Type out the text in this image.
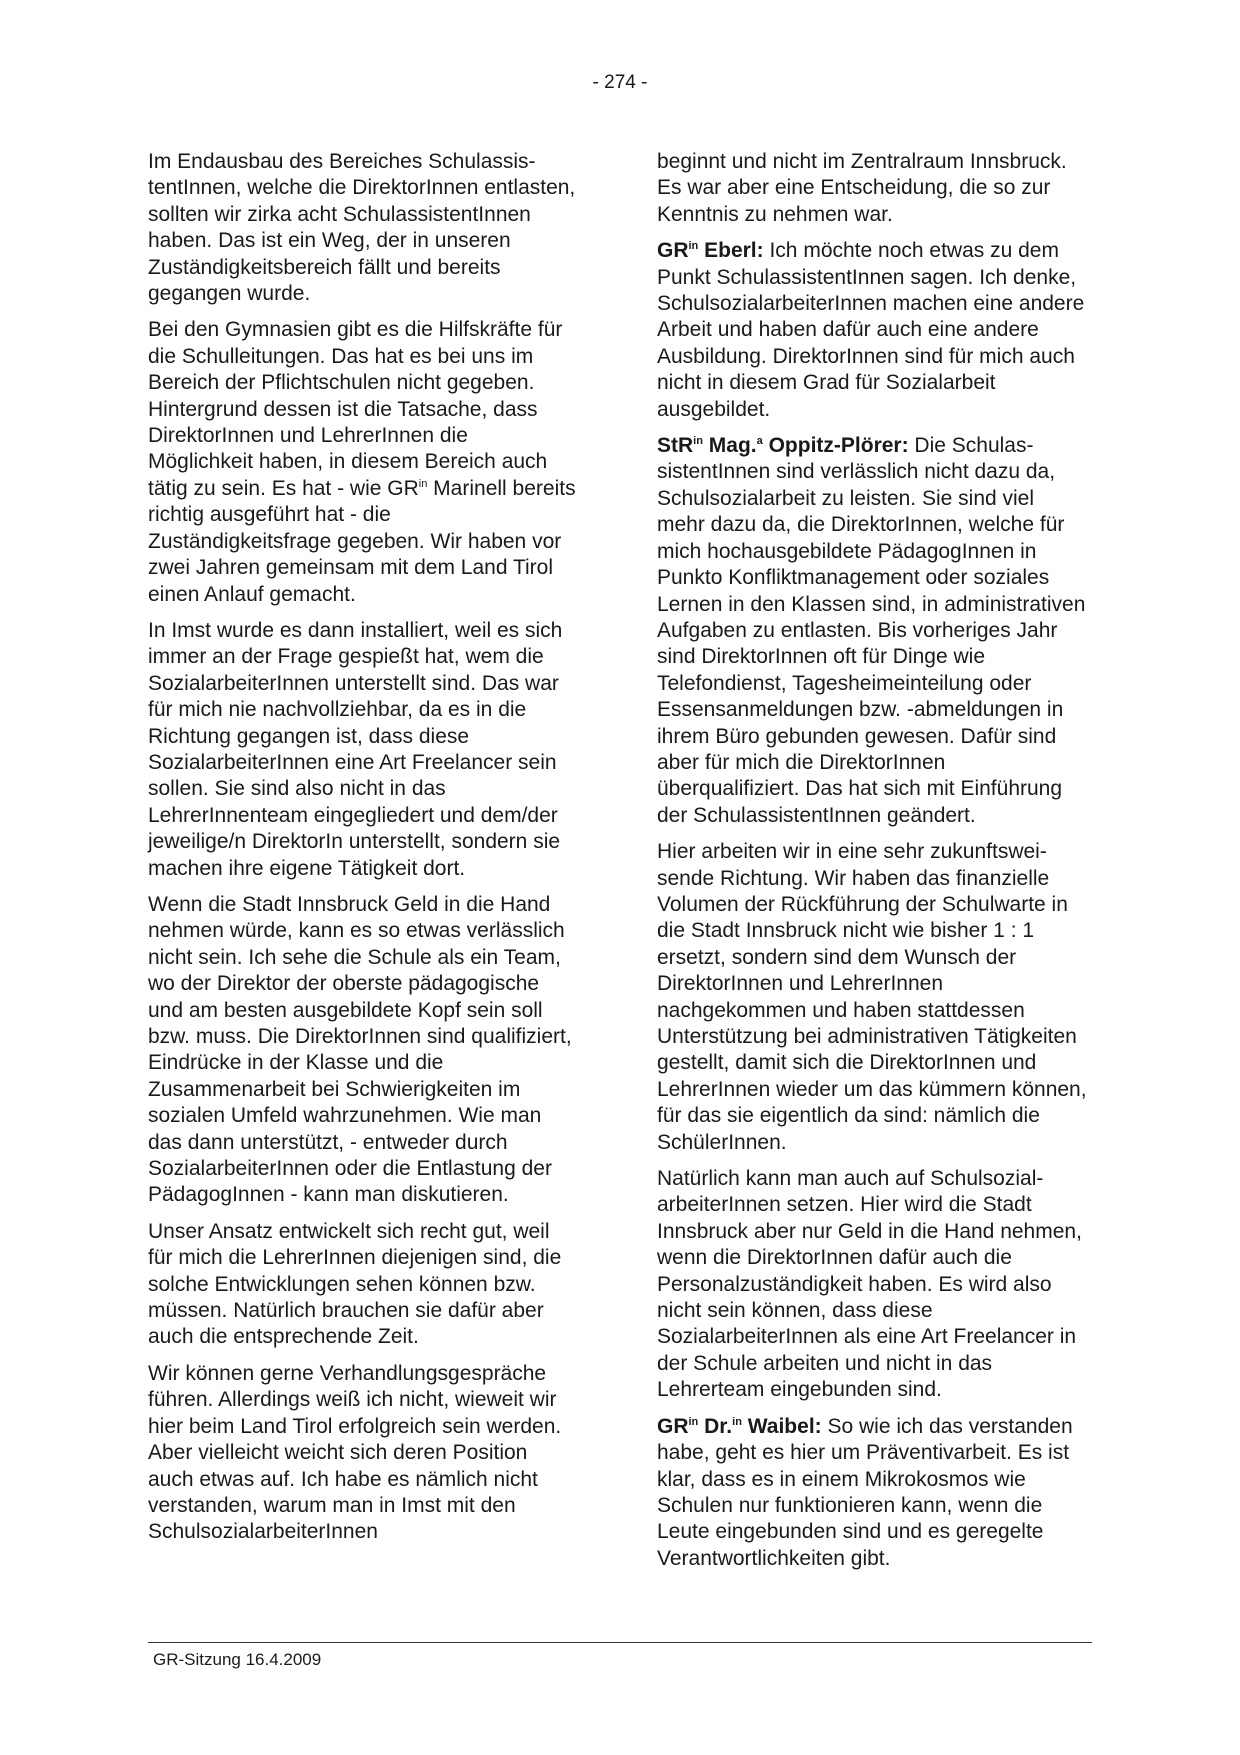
- 274 -

Im Endausbau des Bereiches SchulassistentInnen, welche die DirektorInnen entlasten, sollten wir zirka acht SchulassistentInnen haben. Das ist ein Weg, der in unseren Zuständigkeitsbereich fällt und bereits gegangen wurde.

Bei den Gymnasien gibt es die Hilfskräfte für die Schulleitungen. Das hat es bei uns im Bereich der Pflichtschulen nicht gegeben. Hintergrund dessen ist die Tatsache, dass DirektorInnen und LehrerInnen die Möglichkeit haben, in diesem Bereich auch tätig zu sein. Es hat - wie $GR^{in}$ Marinell bereits richtig ausgeführt hat - die Zuständigkeitsfrage gegeben. Wir haben vor zwei Jahren gemeinsam mit dem Land Tirol einen Anlauf gemacht.

In Imst wurde es dann installiert, weil es sich immer an der Frage gespießt hat, wem die SozialarbeiterInnen unterstellt sind. Das war für mich nie nachvollziehbar, da es in die Richtung gegangen ist, dass diese SozialarbeiterInnen eine Art Freelancer sein sollen. Sie sind also nicht in das LehrerInnenteam eingegliedert und dem/der jeweilige/n DirektorIn unterstellt, sondern sie machen ihre eigene Tätigkeit dort.

Wenn die Stadt Innsbruck Geld in die Hand nehmen würde, kann es so etwas verlässlich nicht sein. Ich sehe die Schule als ein Team, wo der Direktor der oberste pädagogische und am besten ausgebildete Kopf sein soll bzw. muss. Die DirektorInnen sind qualifiziert, Eindrücke in der Klasse und die Zusammenarbeit bei Schwierigkeiten im sozialen Umfeld wahrzunehmen. Wie man das dann unterstützt, - entweder durch SozialarbeiterInnen oder die Entlastung der PädagogInnen - kann man diskutieren.

Unser Ansatz entwickelt sich recht gut, weil für mich die LehrerInnen diejenigen sind, die solche Entwicklungen sehen können bzw. müssen. Natürlich brauchen sie dafür aber auch die entsprechende Zeit.

Wir können gerne Verhandlungsgespräche führen. Allerdings weiß ich nicht, wieweit wir hier beim Land Tirol erfolgreich sein werden. Aber vielleicht weicht sich deren Position auch etwas auf. Ich habe es nämlich nicht verstanden, warum man in Imst mit den SchulsozialarbeiterInnen

beginnt und nicht im Zentralraum Innsbruck. Es war aber eine Entscheidung, die so zur Kenntnis zu nehmen war.

$GR^{in}$ Eberl: Ich möchte noch etwas zu dem Punkt SchulassistentInnen sagen. Ich denke, SchulsozialarbeiterInnen machen eine andere Arbeit und haben dafür auch eine andere Ausbildung. DirektorInnen sind für mich auch nicht in diesem Grad für Sozialarbeit ausgebildet.

StR$^{in}$ Mag.$^a$ Oppitz-Plörer: Die SchulassistentInnen sind verlässlich nicht dazu da, Schulsozialarbeit zu leisten. Sie sind viel mehr dazu da, die DirektorInnen, welche für mich hochausgebildete PädagogInnen in Punkto Konfliktmanagement oder soziales Lernen in den Klassen sind, in administrativen Aufgaben zu entlasten. Bis vorheriges Jahr sind DirektorInnen oft für Dinge wie Telefondienst, Tagesheimeinteilung oder Essensanmeldungen bzw. -abmeldungen in ihrem Büro gebunden gewesen. Dafür sind aber für mich die DirektorInnen überqualifiziert. Das hat sich mit Einführung der SchulassistentInnen geändert.

Hier arbeiten wir in eine sehr zukunftsweisende Richtung. Wir haben das finanzielle Volumen der Rückführung der Schulwarte in die Stadt Innsbruck nicht wie bisher 1 : 1 ersetzt, sondern sind dem Wunsch der DirektorInnen und LehrerInnen nachgekommen und haben stattdessen Unterstützung bei administrativen Tätigkeiten gestellt, damit sich die DirektorInnen und LehrerInnen wieder um das kümmern können, für das sie eigentlich da sind: nämlich die SchülerInnen.

Natürlich kann man auch auf SchulsozialarbeiterInnen setzen. Hier wird die Stadt Innsbruck aber nur Geld in die Hand nehmen, wenn die DirektorInnen dafür auch die Personalzuständigkeit haben. Es wird also nicht sein können, dass diese SozialarbeiterInnen als eine Art Freelancer in der Schule arbeiten und nicht in das Lehrerteam eingebunden sind.

$GR^{in}$ Dr.$^{in}$ Waibel: So wie ich das verstanden habe, geht es hier um Präventivarbeit. Es ist klar, dass es in einem Mikrokosmos wie Schulen nur funktionieren kann, wenn die Leute eingebunden sind und es geregelte Verantwortlichkeiten gibt.

GR-Sitzung 16.4.2009
